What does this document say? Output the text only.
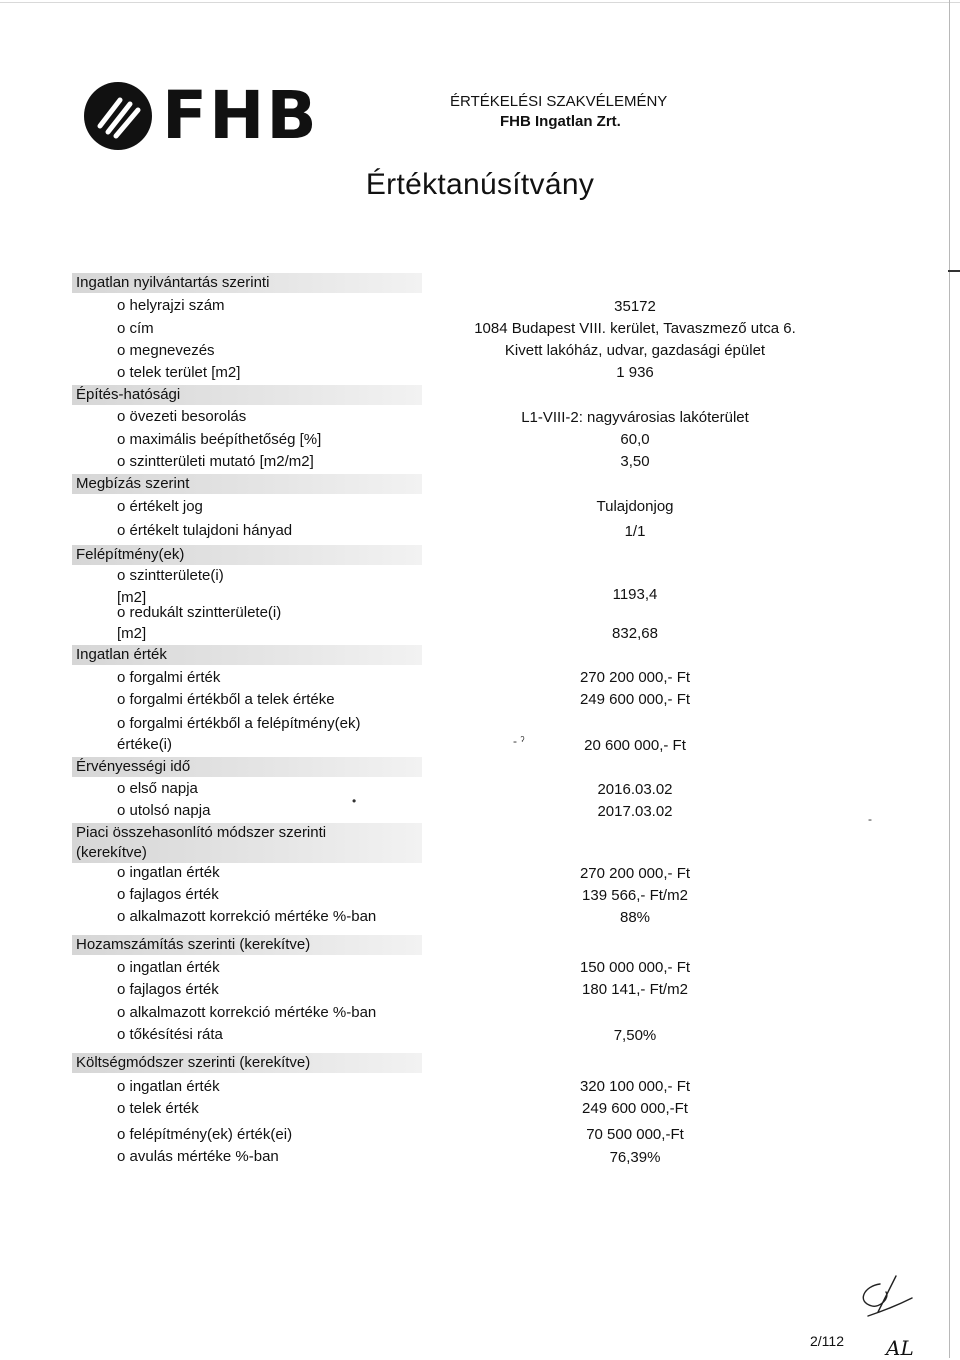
FHB	ÉRTÉKELÉSI SZAKVÉLEMÉNY
FHB Ingatlan Zrt.
Értéktanúsítvány
Ingatlan nyilvántartás szerinti
o helyrajzi szám	35172
o cím	1084 Budapest VIII. kerület, Tavaszmező utca 6.
o megnevezés	Kivett lakóház, udvar, gazdasági épület
o telek terület [m2]	1 936
Építés-hatósági
o övezeti besorolás	L1-VIII-2: nagyvárosias lakóterület
o maximális beépíthetőség [%]	60,0
o szintterületi mutató [m2/m2]	3,50
Megbízás szerint
o értékelt jog	Tulajdonjog
o értékelt tulajdoni hányad	1/1
Felépítmény(ek)
o szintterülete(i)
[m2]	1193,4
o redukált szintterülete(i)
[m2]	832,68
Ingatlan érték
o forgalmi érték	270 200 000,- Ft
o forgalmi értékből a telek értéke	249 600 000,- Ft
o forgalmi értékből a felépítmény(ek)
értéke(i)	20 600 000,- Ft
Érvényességi idő
o első napja	2016.03.02
o utolsó napja	2017.03.02
Piaci összehasonlító módszer szerinti
(kerekítve)
o ingatlan érték	270 200 000,- Ft
o fajlagos érték	139 566,- Ft/m2
o alkalmazott korrekció mértéke %-ban	88%
Hozamszámítás szerinti (kerekítve)
o ingatlan érték	150 000 000,- Ft
o fajlagos érték	180 141,- Ft/m2
o alkalmazott korrekció mértéke %-ban
o tőkésítési ráta	7,50%
Költségmódszer szerinti (kerekítve)
o ingatlan érték	320 100 000,- Ft
o telek érték	249 600 000,-Ft
o felépítmény(ek) érték(ei)	70 500 000,-Ft
o avulás mértéke %-ban	76,39%
- ˀ
•
-
2/112 AL
